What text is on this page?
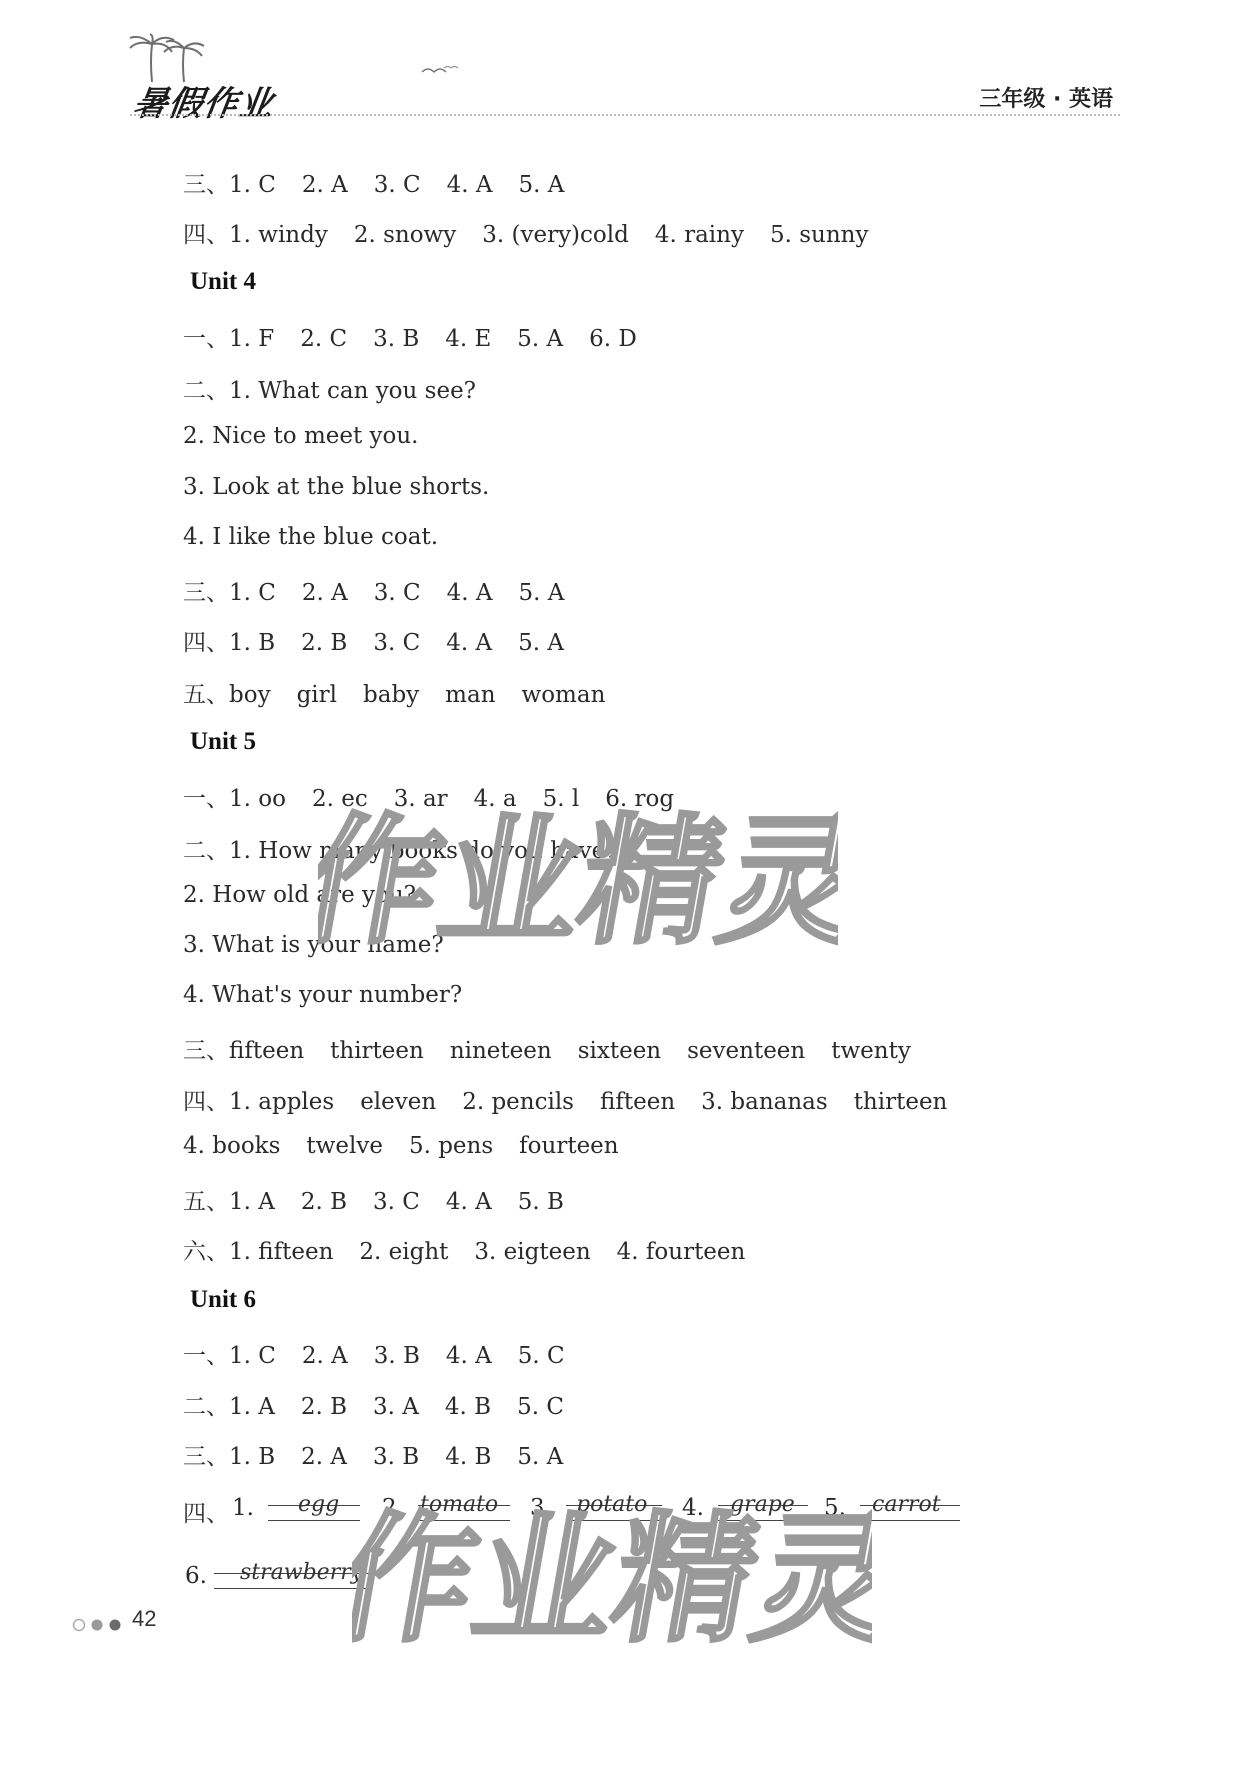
暑假作业	三年级 · 英语
三、1. C 2. A 3. C 4. A 5. A
四、1. windy 2. snowy 3. (very)cold 4. rainy 5. sunny
Unit 4
一、1. F 2. C 3. B 4. E 5. A 6. D
二、1. What can you see?
2. Nice to meet you.
3. Look at the blue shorts.
4. I like the blue coat.
三、1. C 2. A 3. C 4. A 5. A
四、1. B 2. B 3. C 4. A 5. A
五、boy girl baby man woman
Unit 5
一、1. oo 2. ec 3. ar 4. a 5. l 6. rog
二、1. How many books do you have?
2. How old are you?
3. What is your name?
4. What's your number?
三、fifteen thirteen nineteen sixteen seventeen twenty
四、1. apples eleven 2. pencils fifteen 3. bananas thirteen
4. books twelve 5. pens fourteen
五、1. A 2. B 3. C 4. A 5. B
六、1. fifteen 2. eight 3. eigteen 4. fourteen
Unit 6
一、1. C 2. A 3. B 4. A 5. C
二、1. A 2. B 3. A 4. B 5. C
三、1. B 2. A 3. B 4. B 5. A
四、 1. egg 2. tomato 3. potato 4. grape 5. carrot
6. strawberry
作业精灵
作业精灵
42
